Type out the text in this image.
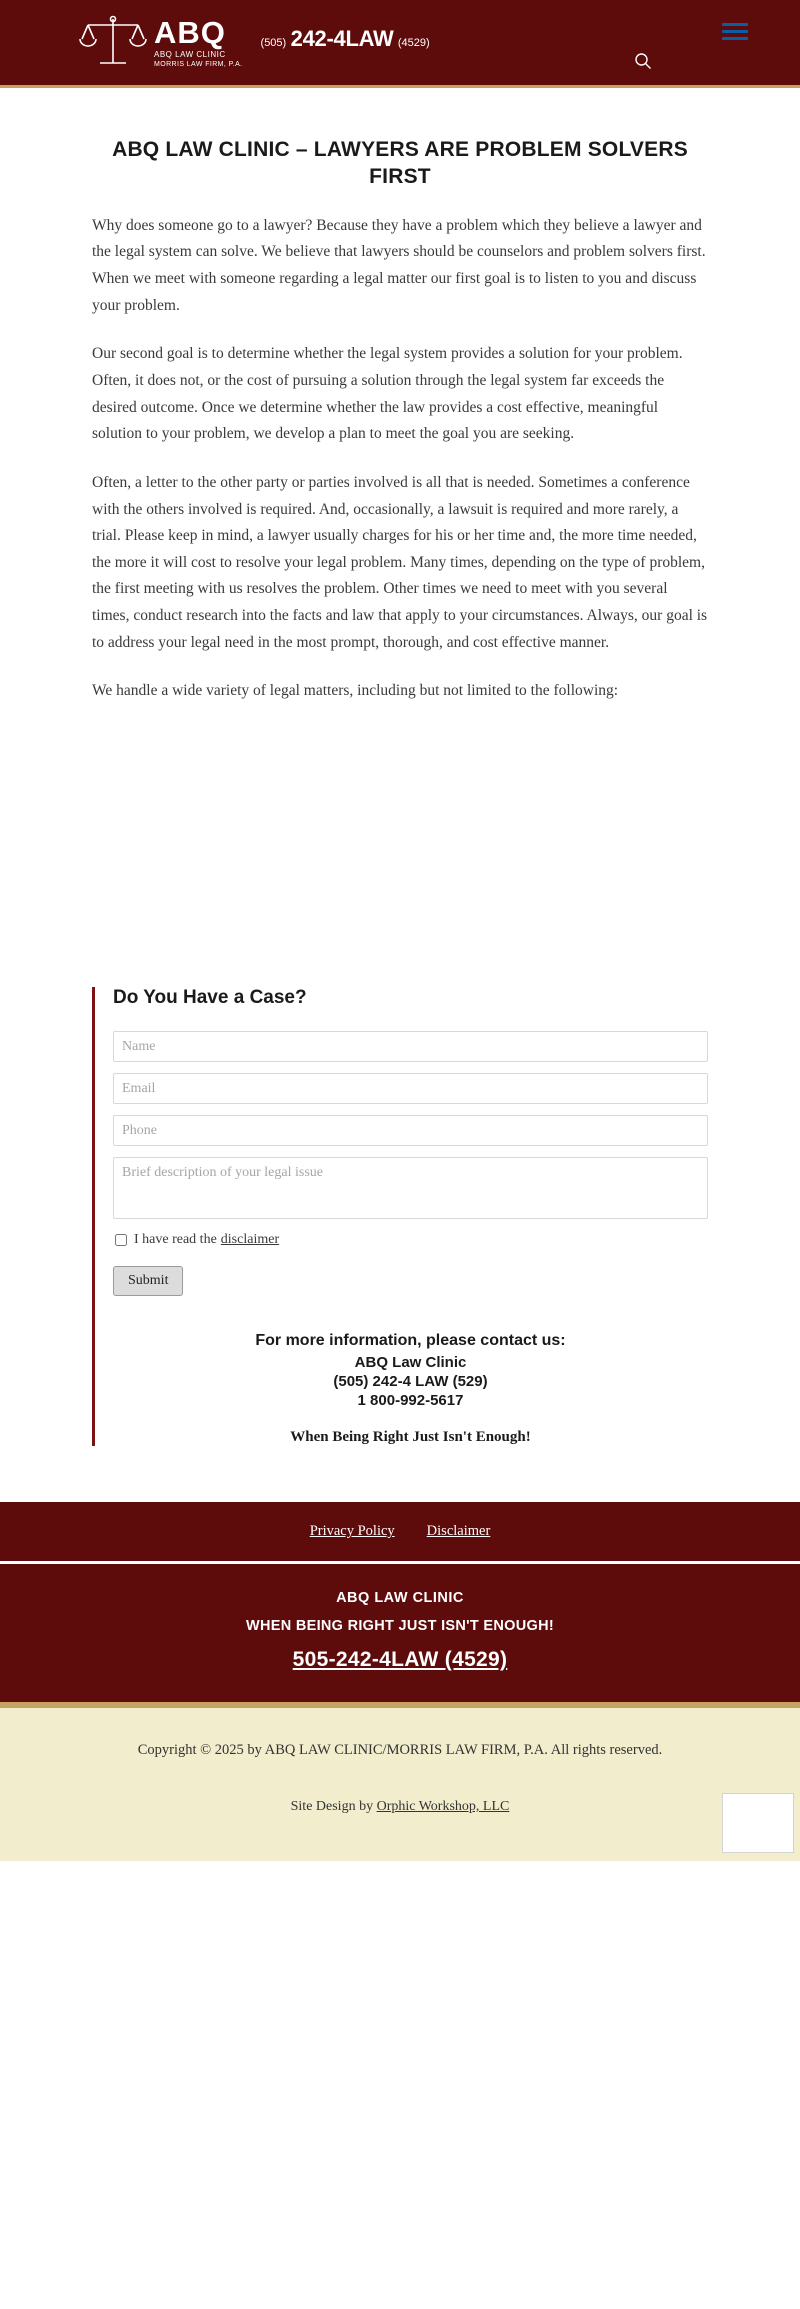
ABQ
ABQ LAW CLINIC
MORRIS LAW FIRM, P.A.
(505) 242-4LAW (4529)
ABQ LAW CLINIC – LAWYERS ARE PROBLEM SOLVERS FIRST

Why does someone go to a lawyer? Because they have a problem which they believe a lawyer and the legal system can solve. We believe that lawyers should be counselors and problem solvers first. When we meet with someone regarding a legal matter our first goal is to listen to you and discuss your problem.

Our second goal is to determine whether the legal system provides a solution for your problem. Often, it does not, or the cost of pursuing a solution through the legal system far exceeds the desired outcome. Once we determine whether the law provides a cost effective, meaningful solution to your problem, we develop a plan to meet the goal you are seeking.

Often, a letter to the other party or parties involved is all that is needed. Sometimes a conference with the others involved is required. And, occasionally, a lawsuit is required and more rarely, a trial. Please keep in mind, a lawyer usually charges for his or her time and, the more time needed, the more it will cost to resolve your legal problem. Many times, depending on the type of problem, the first meeting with us resolves the problem. Other times we need to meet with you several times, conduct research into the facts and law that apply to your circumstances. Always, our goal is to address your legal need in the most prompt, thorough, and cost effective manner.

We handle a wide variety of legal matters, including but not limited to the following:

Do You Have a Case?
Name
Email
Phone
Brief description of your legal issue
I have read the disclaimer
Submit
For more information, please contact us:
ABQ Law Clinic
(505) 242-4 LAW (529)
1 800-992-5617
When Being Right Just Isn't Enough!
Privacy Policy Disclaimer
ABQ LAW CLINIC
WHEN BEING RIGHT JUST ISN'T ENOUGH!
505-242-4LAW (4529)
Copyright © 2025 by ABQ LAW CLINIC/MORRIS LAW FIRM, P.A. All rights reserved.
Site Design by Orphic Workshop, LLC
